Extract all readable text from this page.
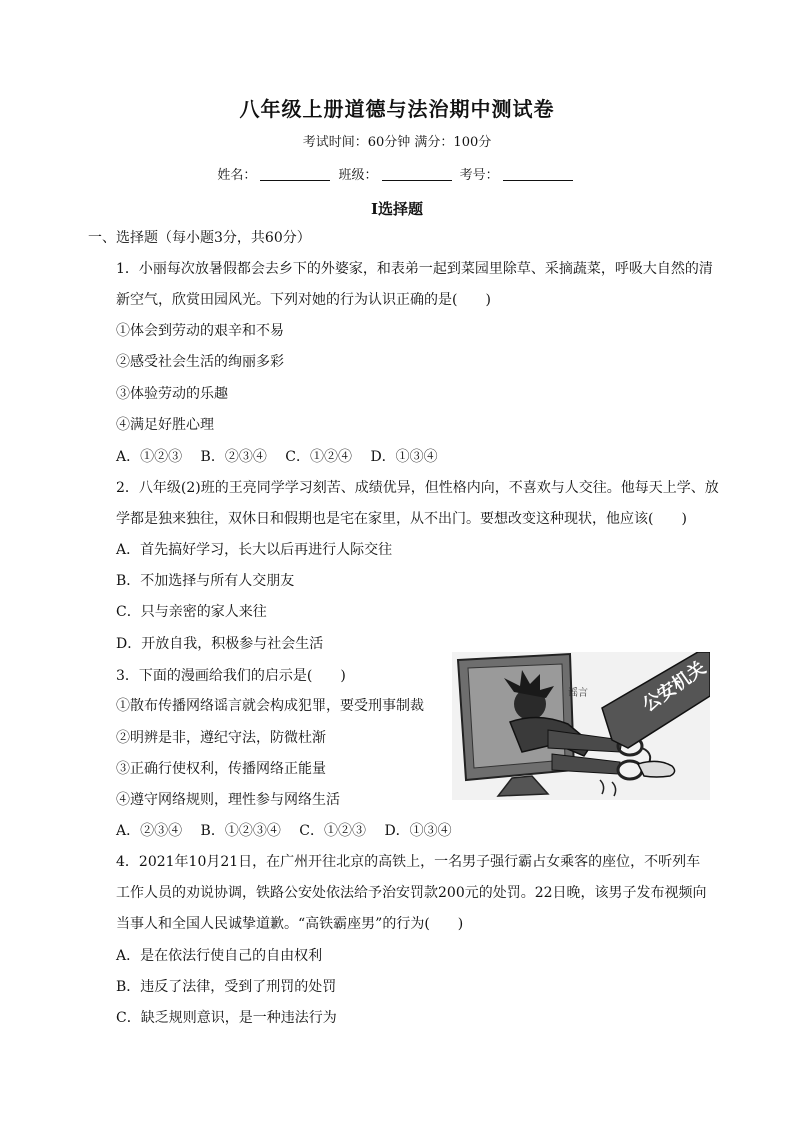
八年级上册道德与法治期中测试卷
考试时间：60分钟 满分：100分
姓名：	班级：	考号：
Ⅰ选择题
一、选择题（每小题3分，共60分）
1．小丽每次放暑假都会去乡下的外婆家，和表弟一起到菜园里除草、采摘蔬菜，呼吸大自然的清
新空气，欣赏田园风光。下列对她的行为认识正确的是(　　)
①体会到劳动的艰辛和不易
②感受社会生活的绚丽多彩
③体验劳动的乐趣
④满足好胜心理
A．①②③　 B．②③④　 C．①②④　 D．①③④
2．八年级(2)班的王亮同学学习刻苦、成绩优异，但性格内向，不喜欢与人交往。他每天上学、放
学都是独来独往，双休日和假期也是宅在家里，从不出门。要想改变这种现状，他应该(　　)
A．首先搞好学习，长大以后再进行人际交往
B．不加选择与所有人交朋友
C．只与亲密的家人来往
D．开放自我，积极参与社会生活
3．下面的漫画给我们的启示是(　　)
①散布传播网络谣言就会构成犯罪，要受刑事制裁
②明辨是非，遵纪守法，防微杜渐
③正确行使权利，传播网络正能量
④遵守网络规则，理性参与网络生活
A．②③④　 B．①②③④　 C．①②③　 D．①③④
公安机关
谣言
4．2021年10月21日，在广州开往北京的高铁上，一名男子强行霸占女乘客的座位，不听列车
工作人员的劝说协调，铁路公安处依法给予治安罚款200元的处罚。22日晚，该男子发布视频向
当事人和全国人民诚挚道歉。“高铁霸座男”的行为(　　)
A．是在依法行使自己的自由权利
B．违反了法律，受到了刑罚的处罚
C．缺乏规则意识，是一种违法行为
